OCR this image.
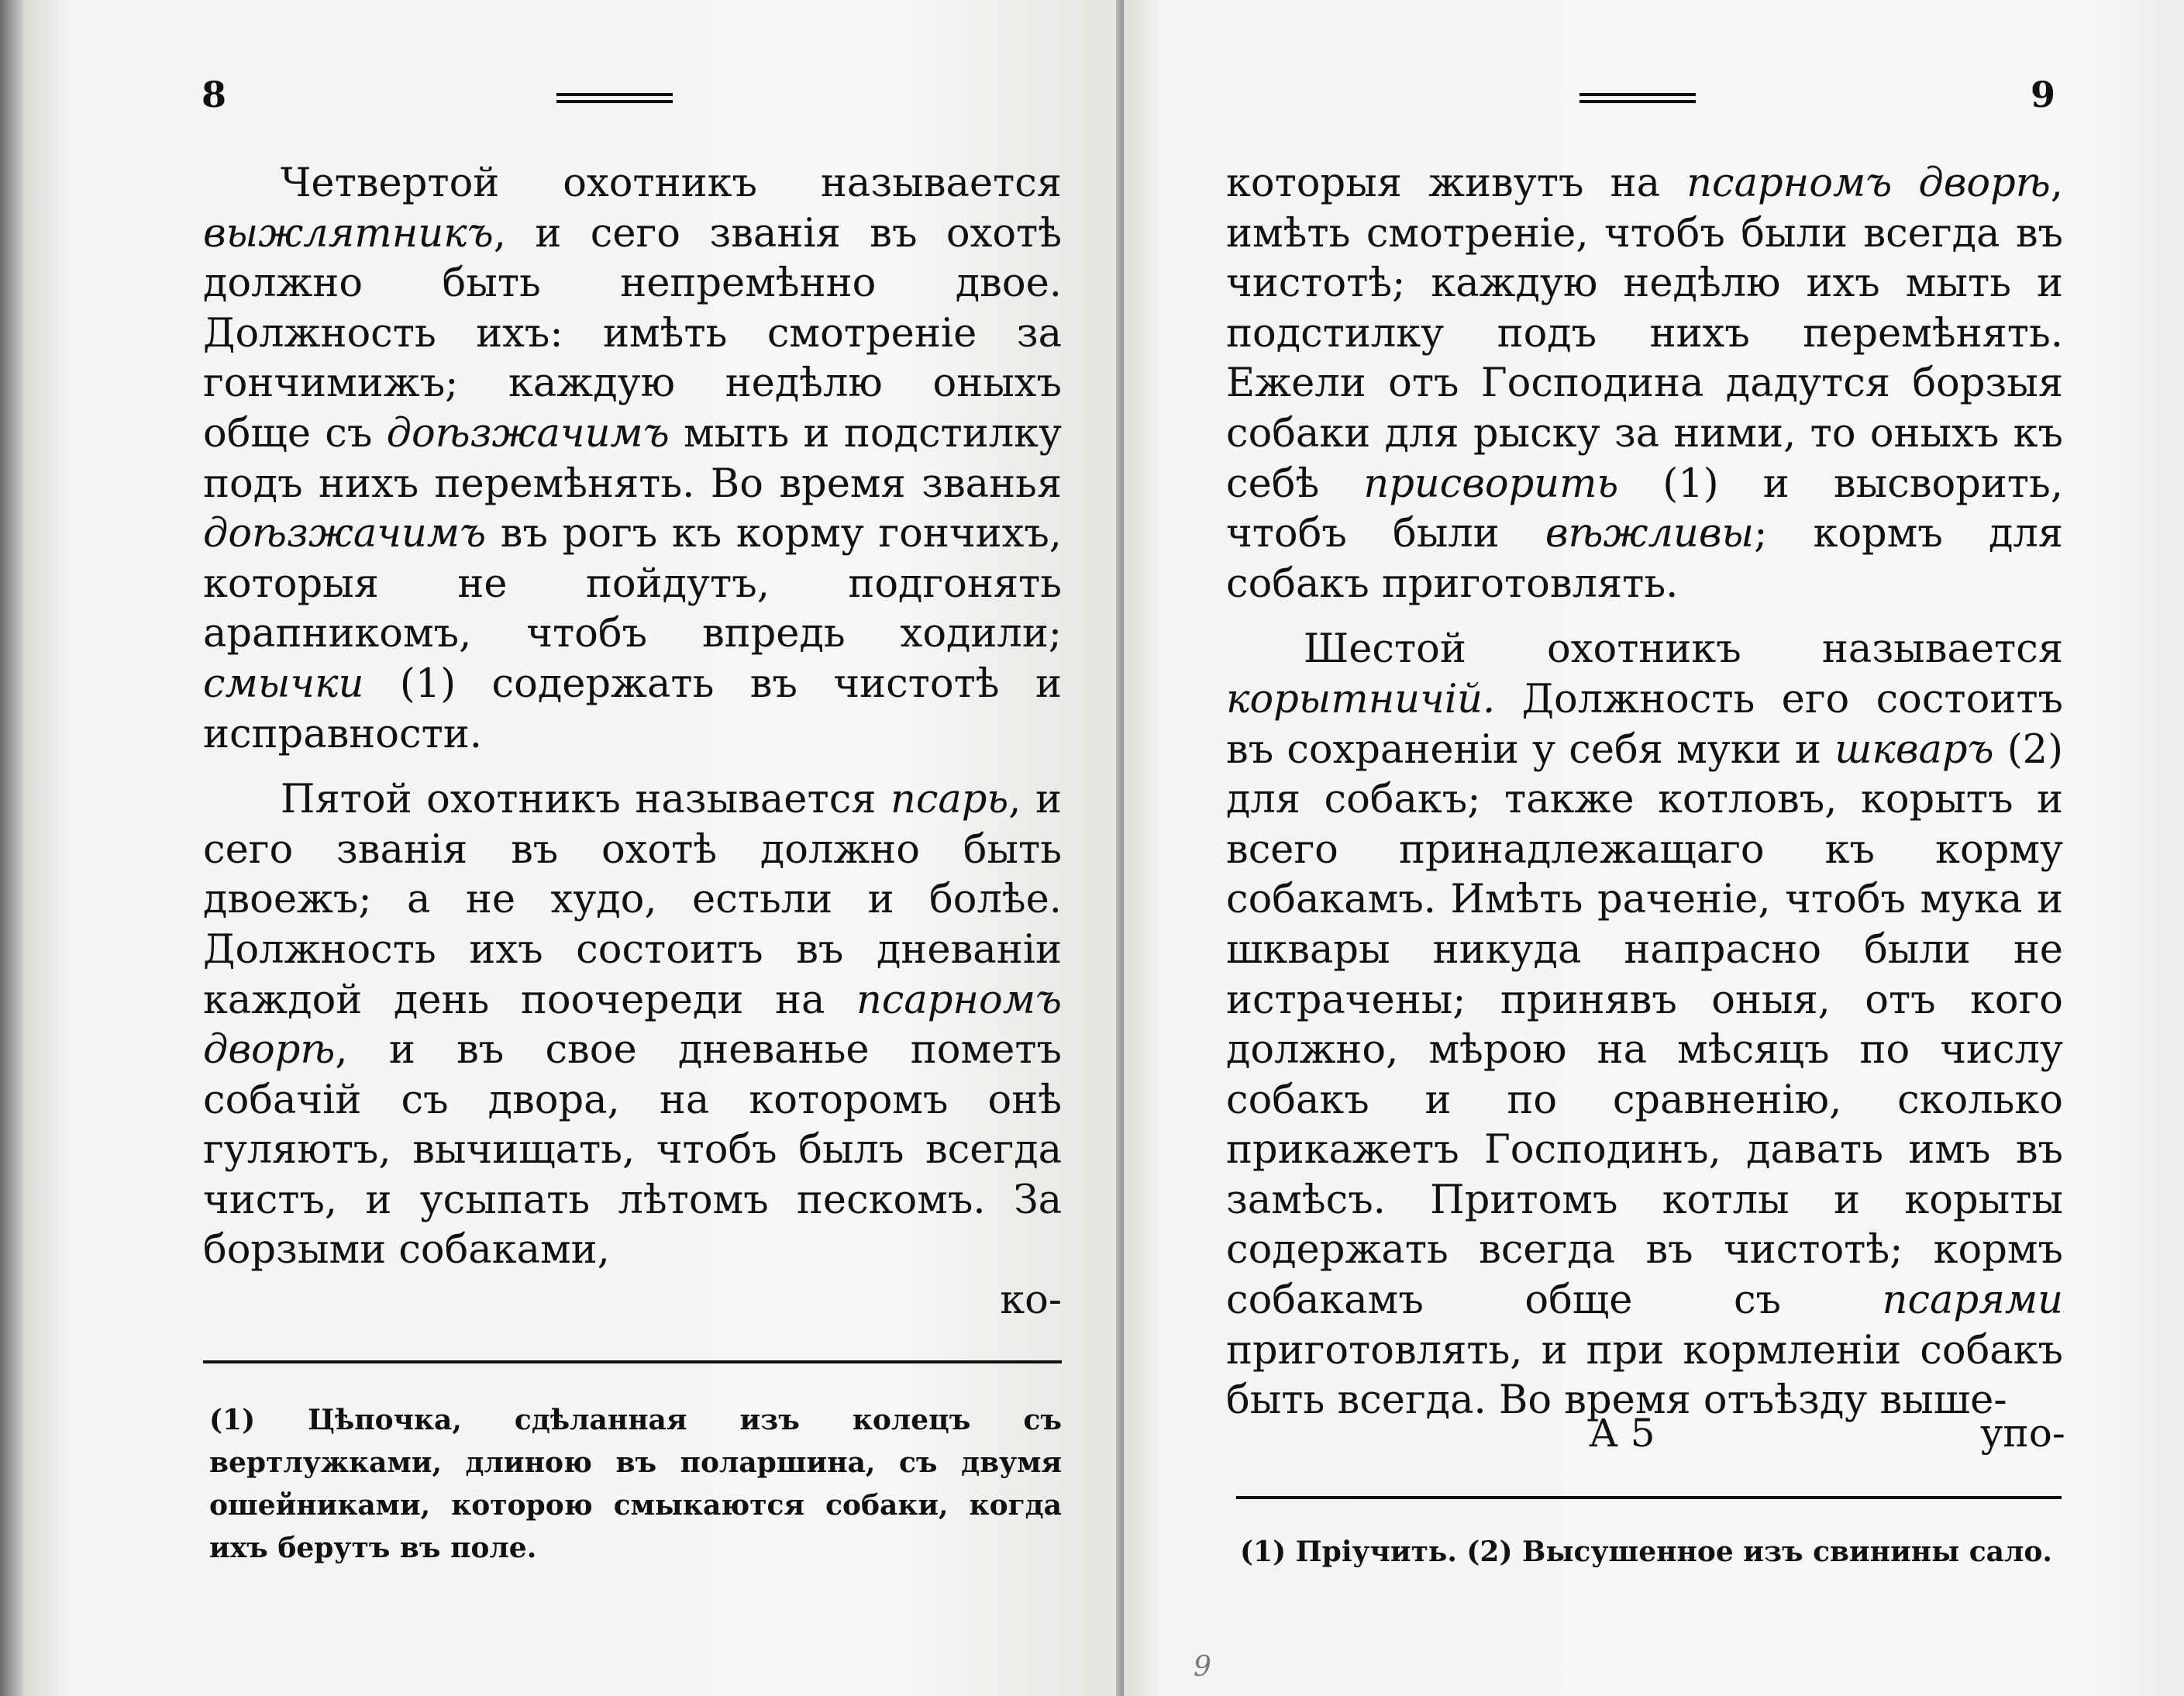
8

Четвертой охотникъ называется выжлятникъ, и сего званія въ охотѣ должно быть непремѣнно двое. Должность ихъ: имѣть смотреніе за гончимижъ; каждую недѣлю оныхъ обще съ доѣзжачимъ мыть и подстилку подъ нихъ перемѣнять. Во время званья доѣзжачимъ въ рогъ къ корму гончихъ, которыя не пойдутъ, подгонять арапникомъ, чтобъ впредь ходили; смычки (1) содержать въ чистотѣ и исправности.

Пятой охотникъ называется псарь, и сего званія въ охотѣ должно быть двоежъ; а не худо, естьли и болѣе. Должность ихъ состоитъ въ дневаніи каждой день поочереди на псарномъ дворѣ, и въ свое дневанье пометъ собачій съ двора, на которомъ онѣ гуляютъ, вычищать, чтобъ былъ всегда чистъ, и усыпать лѣтомъ пескомъ. За борзыми собаками,
ко-

(1) Цѣпочка, сдѣланная изъ колецъ съ вертлужками, длиною въ поларшина, съ двумя ошейниками, которою смыкаются собаки, когда ихъ берутъ въ поле.
9

которыя живутъ на псарномъ дворѣ, имѣть смотреніе, чтобъ были всегда въ чистотѣ; каждую недѣлю ихъ мыть и подстилку подъ нихъ перемѣнять. Ежели отъ Господина дадутся борзыя собаки для рыску за ними, то оныхъ къ себѣ присворить (1) и высворить, чтобъ были вѣжливы; кормъ для собакъ приготовлять.

Шестой охотникъ называется корытничій. Должность его состоитъ въ сохраненіи у себя муки и шкваръ (2) для собакъ; также котловъ, корытъ и всего принадлежащаго къ корму собакамъ. Имѣть раченіе, чтобъ мука и шквары никуда напрасно были не истрачены; принявъ оныя, отъ кого должно, мѣрою на мѣсяцъ по числу собакъ и по сравненію, сколько прикажетъ Господинъ, давать имъ въ замѣсъ. Притомъ котлы и корыты содержать всегда въ чистотѣ; кормъ собакамъ обще съ псарями приготовлять, и при кормленіи собакъ быть всегда. Во время отъѣзду выше-

А 5	упо-
(1) Пріучить. (2) Высушенное изъ свинины сало.
9
